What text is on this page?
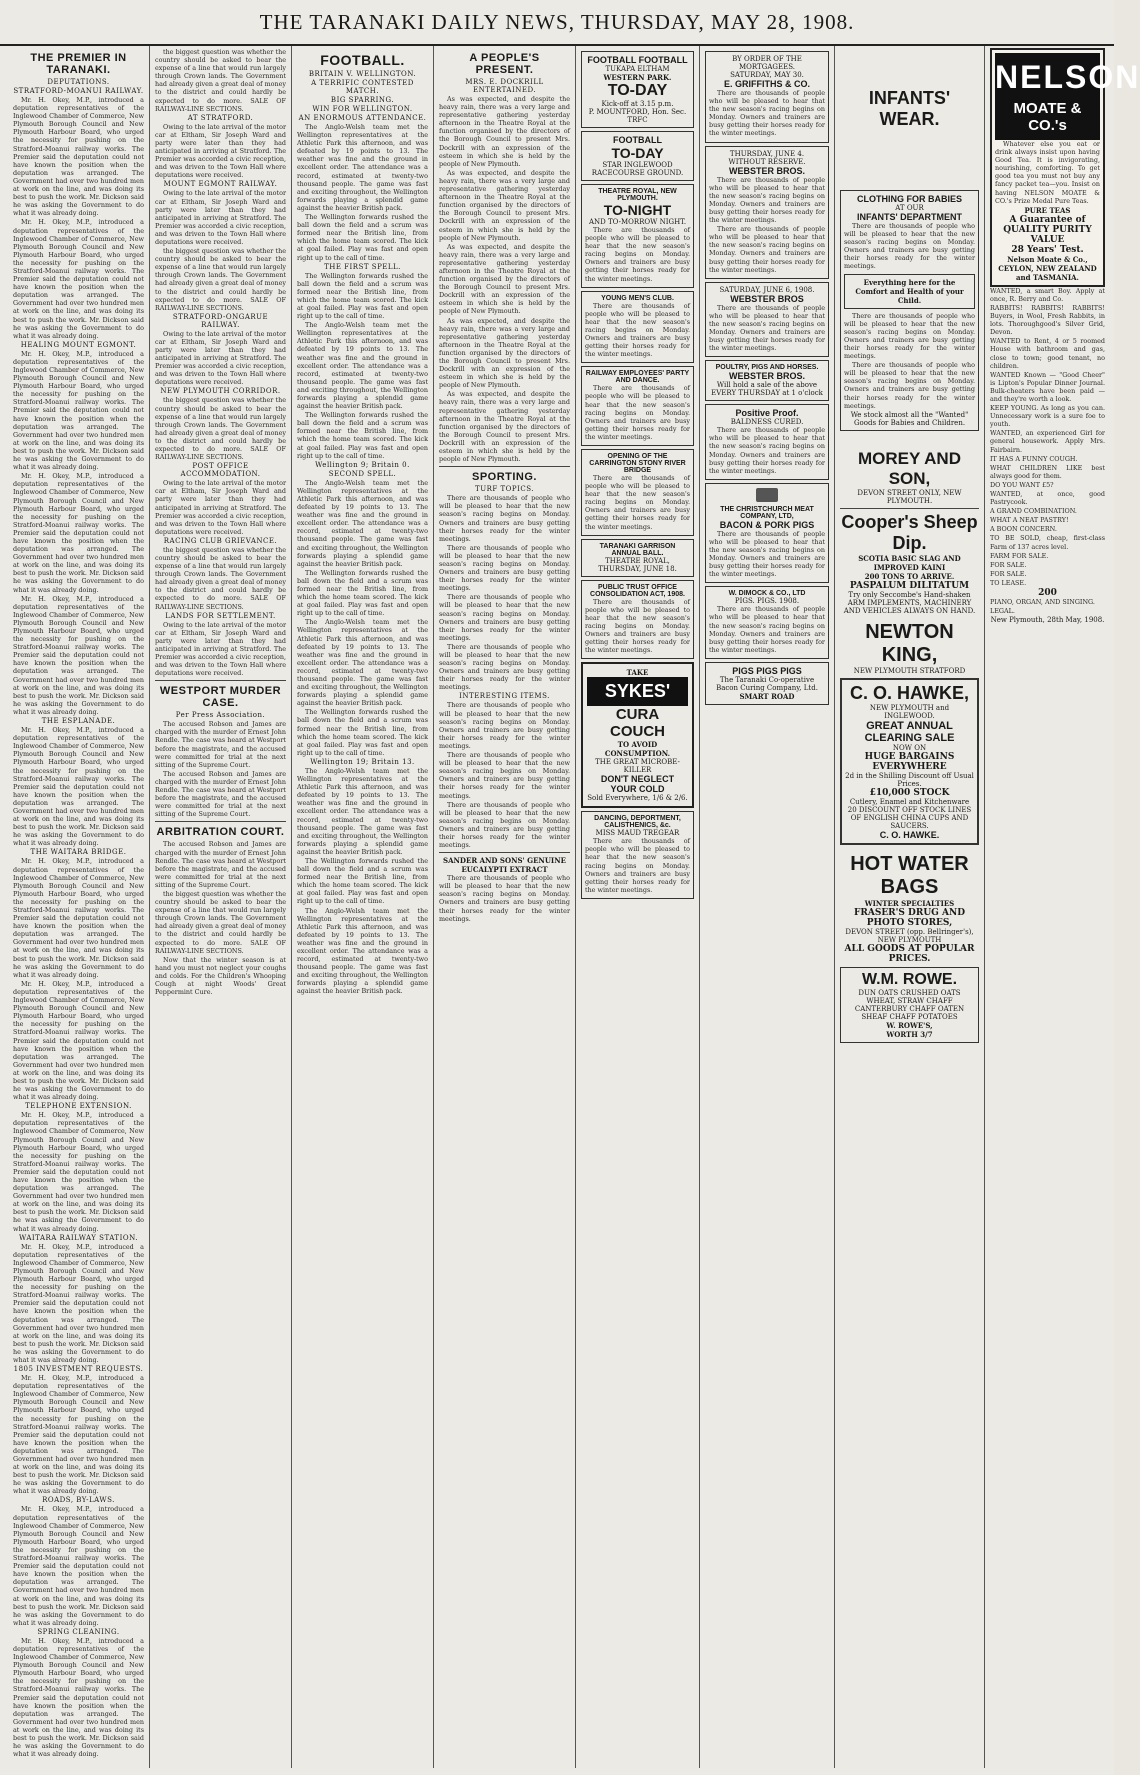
THE TARANAKI DAILY NEWS, THURSDAY, MAY 28, 1908.
THE PREMIER IN TARANAKI.
DEPUTATIONS.
STRATFORD-MOANUI RAILWAY.

Mr. H. Okey, M.P., introduced a deputation representatives of the Inglewood Chamber of Commerce, New Plymouth Borough Council and New Plymouth Harbour Board, who urged the necessity for pushing on the Stratford-Moanui railway works. The Premier said the deputation could not have known the position when the deputation was arranged. The Government had over two hundred men at work on the line, and was doing its best to push the work. Mr. Dickson said he was asking the Government to do what it was already doing.

Mr. H. Okey, M.P., introduced a deputation representatives of the Inglewood Chamber of Commerce, New Plymouth Borough Council and New Plymouth Harbour Board, who urged the necessity for pushing on the Stratford-Moanui railway works. The Premier said the deputation could not have known the position when the deputation was arranged. The Government had over two hundred men at work on the line, and was doing its best to push the work. Mr. Dickson said he was asking the Government to do what it was already doing.

HEALING MOUNT EGMONT.

Mr. H. Okey, M.P., introduced a deputation representatives of the Inglewood Chamber of Commerce, New Plymouth Borough Council and New Plymouth Harbour Board, who urged the necessity for pushing on the Stratford-Moanui railway works. The Premier said the deputation could not have known the position when the deputation was arranged. The Government had over two hundred men at work on the line, and was doing its best to push the work. Mr. Dickson said he was asking the Government to do what it was already doing.

Mr. H. Okey, M.P., introduced a deputation representatives of the Inglewood Chamber of Commerce, New Plymouth Borough Council and New Plymouth Harbour Board, who urged the necessity for pushing on the Stratford-Moanui railway works. The Premier said the deputation could not have known the position when the deputation was arranged. The Government had over two hundred men at work on the line, and was doing its best to push the work. Mr. Dickson said he was asking the Government to do what it was already doing.

Mr. H. Okey, M.P., introduced a deputation representatives of the Inglewood Chamber of Commerce, New Plymouth Borough Council and New Plymouth Harbour Board, who urged the necessity for pushing on the Stratford-Moanui railway works. The Premier said the deputation could not have known the position when the deputation was arranged. The Government had over two hundred men at work on the line, and was doing its best to push the work. Mr. Dickson said he was asking the Government to do what it was already doing.

THE ESPLANADE.

Mr. H. Okey, M.P., introduced a deputation representatives of the Inglewood Chamber of Commerce, New Plymouth Borough Council and New Plymouth Harbour Board, who urged the necessity for pushing on the Stratford-Moanui railway works. The Premier said the deputation could not have known the position when the deputation was arranged. The Government had over two hundred men at work on the line, and was doing its best to push the work. Mr. Dickson said he was asking the Government to do what it was already doing.

THE WAITARA BRIDGE.

Mr. H. Okey, M.P., introduced a deputation representatives of the Inglewood Chamber of Commerce, New Plymouth Borough Council and New Plymouth Harbour Board, who urged the necessity for pushing on the Stratford-Moanui railway works. The Premier said the deputation could not have known the position when the deputation was arranged. The Government had over two hundred men at work on the line, and was doing its best to push the work. Mr. Dickson said he was asking the Government to do what it was already doing.

Mr. H. Okey, M.P., introduced a deputation representatives of the Inglewood Chamber of Commerce, New Plymouth Borough Council and New Plymouth Harbour Board, who urged the necessity for pushing on the Stratford-Moanui railway works. The Premier said the deputation could not have known the position when the deputation was arranged. The Government had over two hundred men at work on the line, and was doing its best to push the work. Mr. Dickson said he was asking the Government to do what it was already doing.

TELEPHONE EXTENSION.

Mr. H. Okey, M.P., introduced a deputation representatives of the Inglewood Chamber of Commerce, New Plymouth Borough Council and New Plymouth Harbour Board, who urged the necessity for pushing on the Stratford-Moanui railway works. The Premier said the deputation could not have known the position when the deputation was arranged. The Government had over two hundred men at work on the line, and was doing its best to push the work. Mr. Dickson said he was asking the Government to do what it was already doing.

WAITARA RAILWAY STATION.

Mr. H. Okey, M.P., introduced a deputation representatives of the Inglewood Chamber of Commerce, New Plymouth Borough Council and New Plymouth Harbour Board, who urged the necessity for pushing on the Stratford-Moanui railway works. The Premier said the deputation could not have known the position when the deputation was arranged. The Government had over two hundred men at work on the line, and was doing its best to push the work. Mr. Dickson said he was asking the Government to do what it was already doing.

1805 INVESTMENT REQUESTS.

Mr. H. Okey, M.P., introduced a deputation representatives of the Inglewood Chamber of Commerce, New Plymouth Borough Council and New Plymouth Harbour Board, who urged the necessity for pushing on the Stratford-Moanui railway works. The Premier said the deputation could not have known the position when the deputation was arranged. The Government had over two hundred men at work on the line, and was doing its best to push the work. Mr. Dickson said he was asking the Government to do what it was already doing.

ROADS, BY-LAWS.

Mr. H. Okey, M.P., introduced a deputation representatives of the Inglewood Chamber of Commerce, New Plymouth Borough Council and New Plymouth Harbour Board, who urged the necessity for pushing on the Stratford-Moanui railway works. The Premier said the deputation could not have known the position when the deputation was arranged. The Government had over two hundred men at work on the line, and was doing its best to push the work. Mr. Dickson said he was asking the Government to do what it was already doing.

SPRING CLEANING.

Mr. H. Okey, M.P., introduced a deputation representatives of the Inglewood Chamber of Commerce, New Plymouth Borough Council and New Plymouth Harbour Board, who urged the necessity for pushing on the Stratford-Moanui railway works. The Premier said the deputation could not have known the position when the deputation was arranged. The Government had over two hundred men at work on the line, and was doing its best to push the work. Mr. Dickson said he was asking the Government to do what it was already doing.

the biggest question was whether the country should be asked to bear the expense of a line that would run largely through Crown lands. The Government had already given a great deal of money to the district and could hardly be expected to do more. SALE OF RAILWAY-LINE SECTIONS.

AT STRATFORD.

Owing to the late arrival of the motor car at Eltham, Sir Joseph Ward and party were later than they had anticipated in arriving at Stratford. The Premier was accorded a civic reception, and was driven to the Town Hall where deputations were received.

MOUNT EGMONT RAILWAY.

Owing to the late arrival of the motor car at Eltham, Sir Joseph Ward and party were later than they had anticipated in arriving at Stratford. The Premier was accorded a civic reception, and was driven to the Town Hall where deputations were received.

the biggest question was whether the country should be asked to bear the expense of a line that would run largely through Crown lands. The Government had already given a great deal of money to the district and could hardly be expected to do more. SALE OF RAILWAY-LINE SECTIONS.

STRATFORD-ONGARUE RAILWAY.

Owing to the late arrival of the motor car at Eltham, Sir Joseph Ward and party were later than they had anticipated in arriving at Stratford. The Premier was accorded a civic reception, and was driven to the Town Hall where deputations were received.

NEW PLYMOUTH CORRIDOR.

the biggest question was whether the country should be asked to bear the expense of a line that would run largely through Crown lands. The Government had already given a great deal of money to the district and could hardly be expected to do more. SALE OF RAILWAY-LINE SECTIONS.

POST OFFICE ACCOMMODATION.

Owing to the late arrival of the motor car at Eltham, Sir Joseph Ward and party were later than they had anticipated in arriving at Stratford. The Premier was accorded a civic reception, and was driven to the Town Hall where deputations were received.

RACING CLUB GRIEVANCE.

the biggest question was whether the country should be asked to bear the expense of a line that would run largely through Crown lands. The Government had already given a great deal of money to the district and could hardly be expected to do more. SALE OF RAILWAY-LINE SECTIONS.

LANDS FOR SETTLEMENT.

Owing to the late arrival of the motor car at Eltham, Sir Joseph Ward and party were later than they had anticipated in arriving at Stratford. The Premier was accorded a civic reception, and was driven to the Town Hall where deputations were received.

WESTPORT MURDER CASE.
Per Press Association.

The accused Robson and James are charged with the murder of Ernest John Rendle. The case was heard at Westport before the magistrate, and the accused were committed for trial at the next sitting of the Supreme Court.

The accused Robson and James are charged with the murder of Ernest John Rendle. The case was heard at Westport before the magistrate, and the accused were committed for trial at the next sitting of the Supreme Court.

ARBITRATION COURT.

The accused Robson and James are charged with the murder of Ernest John Rendle. The case was heard at Westport before the magistrate, and the accused were committed for trial at the next sitting of the Supreme Court.

the biggest question was whether the country should be asked to bear the expense of a line that would run largely through Crown lands. The Government had already given a great deal of money to the district and could hardly be expected to do more. SALE OF RAILWAY-LINE SECTIONS.

Now that the winter season is at hand you must not neglect your coughs and colds. For the Children's Whooping Cough at night Woods' Great Peppermint Cure.

FOOTBALL.
BRITAIN V. WELLINGTON.
A TERRIFIC CONTESTED MATCH.
BIG SPARRING.
WIN FOR WELLINGTON.
AN ENORMOUS ATTENDANCE.

The Anglo-Welsh team met the Wellington representatives at the Athletic Park this afternoon, and was defeated by 19 points to 13. The weather was fine and the ground in excellent order. The attendance was a record, estimated at twenty-two thousand people. The game was fast and exciting throughout, the Wellington forwards playing a splendid game against the heavier British pack.

The Wellington forwards rushed the ball down the field and a scrum was formed near the British line, from which the home team scored. The kick at goal failed. Play was fast and open right up to the call of time.

THE FIRST SPELL.

The Wellington forwards rushed the ball down the field and a scrum was formed near the British line, from which the home team scored. The kick at goal failed. Play was fast and open right up to the call of time.

The Anglo-Welsh team met the Wellington representatives at the Athletic Park this afternoon, and was defeated by 19 points to 13. The weather was fine and the ground in excellent order. The attendance was a record, estimated at twenty-two thousand people. The game was fast and exciting throughout, the Wellington forwards playing a splendid game against the heavier British pack.

The Wellington forwards rushed the ball down the field and a scrum was formed near the British line, from which the home team scored. The kick at goal failed. Play was fast and open right up to the call of time.

Wellington 9; Britain 0.
SECOND SPELL.

The Anglo-Welsh team met the Wellington representatives at the Athletic Park this afternoon, and was defeated by 19 points to 13. The weather was fine and the ground in excellent order. The attendance was a record, estimated at twenty-two thousand people. The game was fast and exciting throughout, the Wellington forwards playing a splendid game against the heavier British pack.

The Wellington forwards rushed the ball down the field and a scrum was formed near the British line, from which the home team scored. The kick at goal failed. Play was fast and open right up to the call of time.

The Anglo-Welsh team met the Wellington representatives at the Athletic Park this afternoon, and was defeated by 19 points to 13. The weather was fine and the ground in excellent order. The attendance was a record, estimated at twenty-two thousand people. The game was fast and exciting throughout, the Wellington forwards playing a splendid game against the heavier British pack.

The Wellington forwards rushed the ball down the field and a scrum was formed near the British line, from which the home team scored. The kick at goal failed. Play was fast and open right up to the call of time.

Wellington 19; Britain 13.

The Anglo-Welsh team met the Wellington representatives at the Athletic Park this afternoon, and was defeated by 19 points to 13. The weather was fine and the ground in excellent order. The attendance was a record, estimated at twenty-two thousand people. The game was fast and exciting throughout, the Wellington forwards playing a splendid game against the heavier British pack.

The Wellington forwards rushed the ball down the field and a scrum was formed near the British line, from which the home team scored. The kick at goal failed. Play was fast and open right up to the call of time.

The Anglo-Welsh team met the Wellington representatives at the Athletic Park this afternoon, and was defeated by 19 points to 13. The weather was fine and the ground in excellent order. The attendance was a record, estimated at twenty-two thousand people. The game was fast and exciting throughout, the Wellington forwards playing a splendid game against the heavier British pack.

A PEOPLE'S PRESENT.
MRS. E. DOCKRILL ENTERTAINED.

As was expected, and despite the heavy rain, there was a very large and representative gathering yesterday afternoon in the Theatre Royal at the function organised by the directors of the Borough Council to present Mrs. Dockrill with an expression of the esteem in which she is held by the people of New Plymouth.

As was expected, and despite the heavy rain, there was a very large and representative gathering yesterday afternoon in the Theatre Royal at the function organised by the directors of the Borough Council to present Mrs. Dockrill with an expression of the esteem in which she is held by the people of New Plymouth.

As was expected, and despite the heavy rain, there was a very large and representative gathering yesterday afternoon in the Theatre Royal at the function organised by the directors of the Borough Council to present Mrs. Dockrill with an expression of the esteem in which she is held by the people of New Plymouth.

As was expected, and despite the heavy rain, there was a very large and representative gathering yesterday afternoon in the Theatre Royal at the function organised by the directors of the Borough Council to present Mrs. Dockrill with an expression of the esteem in which she is held by the people of New Plymouth.

As was expected, and despite the heavy rain, there was a very large and representative gathering yesterday afternoon in the Theatre Royal at the function organised by the directors of the Borough Council to present Mrs. Dockrill with an expression of the esteem in which she is held by the people of New Plymouth.

SPORTING.
TURF TOPICS.

There are thousands of people who will be pleased to hear that the new season's racing begins on Monday. Owners and trainers are busy getting their horses ready for the winter meetings.

There are thousands of people who will be pleased to hear that the new season's racing begins on Monday. Owners and trainers are busy getting their horses ready for the winter meetings.

There are thousands of people who will be pleased to hear that the new season's racing begins on Monday. Owners and trainers are busy getting their horses ready for the winter meetings.

There are thousands of people who will be pleased to hear that the new season's racing begins on Monday. Owners and trainers are busy getting their horses ready for the winter meetings.

INTERESTING ITEMS.

There are thousands of people who will be pleased to hear that the new season's racing begins on Monday. Owners and trainers are busy getting their horses ready for the winter meetings.

There are thousands of people who will be pleased to hear that the new season's racing begins on Monday. Owners and trainers are busy getting their horses ready for the winter meetings.

There are thousands of people who will be pleased to hear that the new season's racing begins on Monday. Owners and trainers are busy getting their horses ready for the winter meetings.

SANDER AND SONS' GENUINE EUCALYPTI EXTRACT

There are thousands of people who will be pleased to hear that the new season's racing begins on Monday. Owners and trainers are busy getting their horses ready for the winter meetings.

FOOTBALL FOOTBALL
TUKAPA ELTHAM
WESTERN PARK.
TO-DAY
Kick-off at 3.15 p.m.
P. MOUNTFORD, Hon. Sec. TRFC
FOOTBALL
TO-DAY
STAR INGLEWOOD
RACECOURSE GROUND.
THEATRE ROYAL, NEW PLYMOUTH.
TO-NIGHT
AND TO-MORROW NIGHT.

There are thousands of people who will be pleased to hear that the new season's racing begins on Monday. Owners and trainers are busy getting their horses ready for the winter meetings.

YOUNG MEN'S CLUB.

There are thousands of people who will be pleased to hear that the new season's racing begins on Monday. Owners and trainers are busy getting their horses ready for the winter meetings.

RAILWAY EMPLOYEES' PARTY AND DANCE.

There are thousands of people who will be pleased to hear that the new season's racing begins on Monday. Owners and trainers are busy getting their horses ready for the winter meetings.

OPENING OF THE CARRINGTON STONY RIVER BRIDGE

There are thousands of people who will be pleased to hear that the new season's racing begins on Monday. Owners and trainers are busy getting their horses ready for the winter meetings.

TARANAKI GARRISON ANNUAL BALL.
THEATRE ROYAL, THURSDAY, JUNE 18.
PUBLIC TRUST OFFICE CONSOLIDATION ACT, 1908.

There are thousands of people who will be pleased to hear that the new season's racing begins on Monday. Owners and trainers are busy getting their horses ready for the winter meetings.

TAKE
SYKES'
CURA COUCH
TO AVOID CONSUMPTION.
THE GREAT MICROBE-KILLER
DON'T NEGLECT YOUR COLD
Sold Everywhere, 1/6 & 2/6.
DANCING, DEPORTMENT, CALISTHENICS, &c.
MISS MAUD TREGEAR

There are thousands of people who will be pleased to hear that the new season's racing begins on Monday. Owners and trainers are busy getting their horses ready for the winter meetings.

BY ORDER OF THE MORTGAGEES.
SATURDAY, MAY 30.
E. GRIFFITHS & CO.

There are thousands of people who will be pleased to hear that the new season's racing begins on Monday. Owners and trainers are busy getting their horses ready for the winter meetings.

THURSDAY, JUNE 4.
WITHOUT RESERVE.
WEBSTER BROS.

There are thousands of people who will be pleased to hear that the new season's racing begins on Monday. Owners and trainers are busy getting their horses ready for the winter meetings.

There are thousands of people who will be pleased to hear that the new season's racing begins on Monday. Owners and trainers are busy getting their horses ready for the winter meetings.

SATURDAY, JUNE 6, 1908.
WEBSTER BROS

There are thousands of people who will be pleased to hear that the new season's racing begins on Monday. Owners and trainers are busy getting their horses ready for the winter meetings.

POULTRY, PIGS AND HORSES.
WEBSTER BROS.
Will hold a sale of the above EVERY THURSDAY at 1 o'clock
Positive Proof.
BALDNESS CURED.

There are thousands of people who will be pleased to hear that the new season's racing begins on Monday. Owners and trainers are busy getting their horses ready for the winter meetings.

THE CHRISTCHURCH MEAT COMPANY, LTD,
BACON & PORK PIGS

There are thousands of people who will be pleased to hear that the new season's racing begins on Monday. Owners and trainers are busy getting their horses ready for the winter meetings.

W. DIMOCK & CO., LTD
PIGS. PIGS. 1908.

There are thousands of people who will be pleased to hear that the new season's racing begins on Monday. Owners and trainers are busy getting their horses ready for the winter meetings.

PIGS PIGS PIGS
The Taranaki Co-operative Bacon Curing Company, Ltd.
SMART ROAD
INFANTS' WEAR.
CLOTHING FOR BABIES
AT OUR
INFANTS' DEPARTMENT

There are thousands of people who will be pleased to hear that the new season's racing begins on Monday. Owners and trainers are busy getting their horses ready for the winter meetings.

Everything here for the Comfort and Health of your Child.

There are thousands of people who will be pleased to hear that the new season's racing begins on Monday. Owners and trainers are busy getting their horses ready for the winter meetings.

There are thousands of people who will be pleased to hear that the new season's racing begins on Monday. Owners and trainers are busy getting their horses ready for the winter meetings.

We stock almost all the "Wanted" Goods for Babies and Children.
MOREY AND SON,
DEVON STREET ONLY, NEW PLYMOUTH.
Cooper's Sheep Dip.
SCOTIA BASIC SLAG AND IMPROVED KAINI
200 TONS TO ARRIVE.
PASPALUM DILITATUM
Try only Seccombe's Hand-shaken
ARM IMPLEMENTS, MACHINERY AND VEHICLES ALWAYS ON HAND.
NEWTON KING,
NEW PLYMOUTH STRATFORD
C. O. HAWKE,
NEW PLYMOUTH and INGLEWOOD.
GREAT ANNUAL CLEARING SALE
NOW ON
HUGE BARGAINS EVERYWHERE
2d in the Shilling Discount off Usual Prices.
£10,000 STOCK
Cutlery, Enamel and Kitchenware
20 DISCOUNT OFF STOCK LINES OF ENGLISH CHINA CUPS AND SAUCERS.
C. O. HAWKE.
HOT WATER BAGS
WINTER SPECIALTIES
FRASER'S DRUG AND PHOTO STORES,
DEVON STREET (opp. Bellringer's), NEW PLYMOUTH
ALL GOODS AT POPULAR PRICES.
W.M. ROWE.
DUN OATS CRUSHED OATS WHEAT, STRAW CHAFF CANTERBURY CHAFF OATEN SHEAF CHAFF POTATOES
W. ROWE'S,
WORTH 3/7
NELSON
MOATE & CO.'s

Whatever else you eat or drink always insist upon having Good Tea. It is invigorating, nourishing, comforting. To get good tea you must not buy any fancy packet tea—you. Insist on having NELSON MOATE & CO.'s Prize Medal Pure Teas.

PURE TEAS
A Guarantee of QUALITY PURITY VALUE
28 Years' Test.
Nelson Moate & Co., CEYLON, NEW ZEALAND and TASMANIA.
WANTED, a smart Boy. Apply at once, R. Berry and Co.
RABBITS! RABBITS! RABBITS! Buyers, in Wool, Fresh Rabbits, in lots. Thoroughgood's Silver Grid, Devon.
WANTED to Rent, 4 or 5 roomed House with bathroom and gas, close to town; good tenant, no children.
WANTED Known — "Good Cheer" is Lipton's Popular Dinner Journal. Bulk-cheaters have been paid — and they're worth a look.
KEEP YOUNG. As long as you can. Unnecessary work is a sure foe to youth.
WANTED, an experienced Girl for general housework. Apply Mrs. Fairbairn.
IT HAS A FUNNY COUGH.
WHAT CHILDREN LIKE best always good for them.
DO YOU WANT £5?
WANTED, at once, good Pastrycook.
A GRAND COMBINATION.
WHAT A NEAT PASTRY!
A BOON CONCERN.
TO BE SOLD, cheap, first-class Farm of 137 acres level.
FARM FOR SALE.
FOR SALE.
FOR SALE.
TO LEASE.
200
PIANO, ORGAN, AND SINGING.
LEGAL.
New Plymouth, 28th May, 1908.
